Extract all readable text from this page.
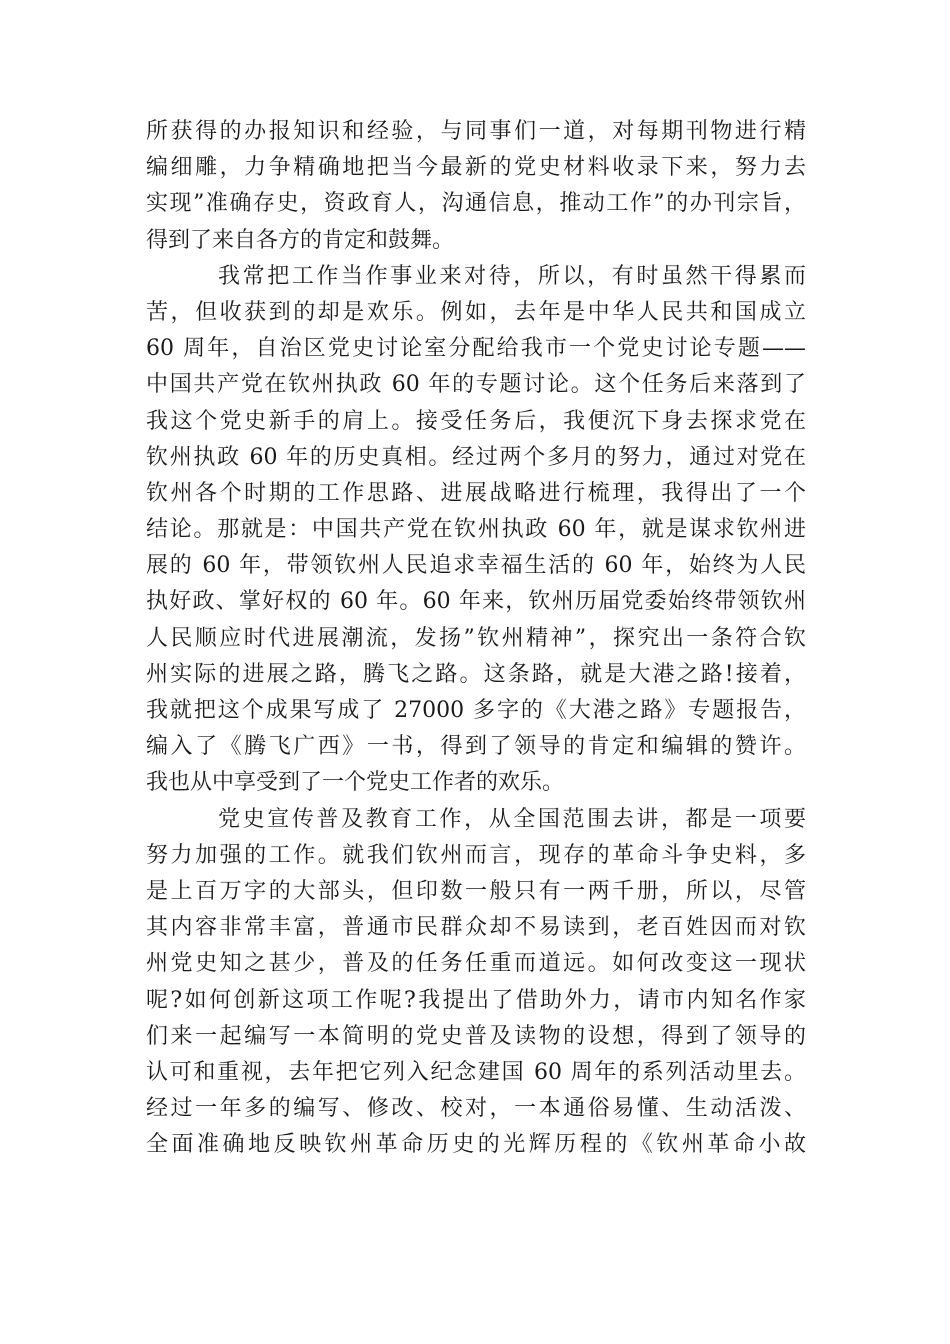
所获得的办报知识和经验，与同事们一道，对每期刊物进行精
编细雕，力争精确地把当今最新的党史材料收录下来，努力去
实现”准确存史，资政育人，沟通信息，推动工作”的办刊宗旨，
得到了来自各方的肯定和鼓舞。
我常把工作当作事业来对待，所以，有时虽然干得累而
苦，但收获到的却是欢乐。例如，去年是中华人民共和国成立
60 周年，自治区党史讨论室分配给我市一个党史讨论专题——
中国共产党在钦州执政 60 年的专题讨论。这个任务后来落到了
我这个党史新手的肩上。接受任务后，我便沉下身去探求党在
钦州执政 60 年的历史真相。经过两个多月的努力，通过对党在
钦州各个时期的工作思路、进展战略进行梳理，我得出了一个
结论。那就是：中国共产党在钦州执政 60 年，就是谋求钦州进
展的 60 年，带领钦州人民追求幸福生活的 60 年，始终为人民
执好政、掌好权的 60 年。60 年来，钦州历届党委始终带领钦州
人民顺应时代进展潮流，发扬”钦州精神”，探究出一条符合钦
州实际的进展之路，腾飞之路。这条路，就是大港之路!接着，
我就把这个成果写成了 27000 多字的《大港之路》专题报告，
编入了《腾飞广西》一书，得到了领导的肯定和编辑的赞许。
我也从中享受到了一个党史工作者的欢乐。
党史宣传普及教育工作，从全国范围去讲，都是一项要
努力加强的工作。就我们钦州而言，现存的革命斗争史料，多
是上百万字的大部头，但印数一般只有一两千册，所以，尽管
其内容非常丰富，普通市民群众却不易读到，老百姓因而对钦
州党史知之甚少，普及的任务任重而道远。如何改变这一现状
呢?如何创新这项工作呢?我提出了借助外力，请市内知名作家
们来一起编写一本简明的党史普及读物的设想，得到了领导的
认可和重视，去年把它列入纪念建国 60 周年的系列活动里去。
经过一年多的编写、修改、校对，一本通俗易懂、生动活泼、
全面准确地反映钦州革命历史的光辉历程的《钦州革命小故
